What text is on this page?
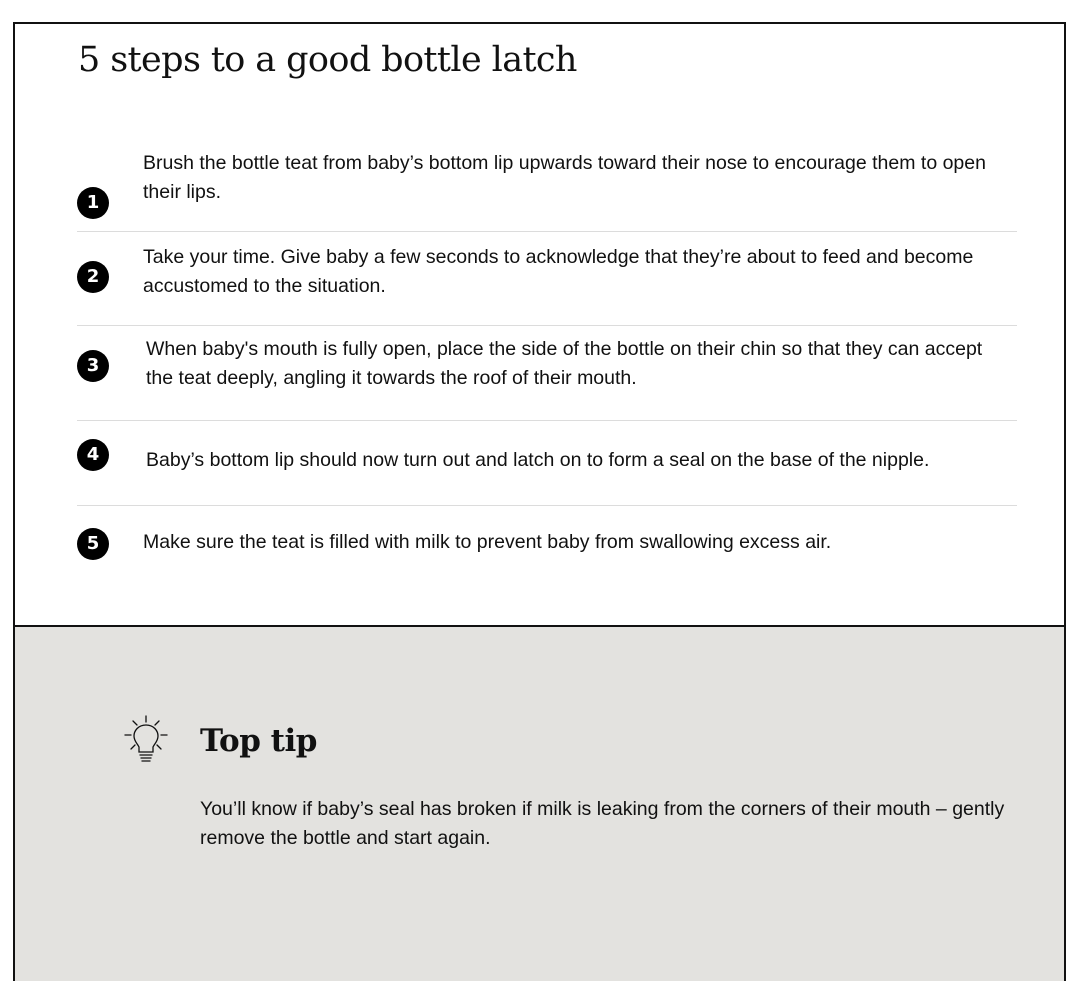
5 steps to a good bottle latch
1
Brush the bottle teat from baby’s bottom lip upwards toward their nose to encourage them to open their lips.
2
Take your time. Give baby a few seconds to acknowledge that they’re about to feed and become accustomed to the situation.
3
When baby's mouth is fully open, place the side of the bottle on their chin so that they can accept the teat deeply, angling it towards the roof of their mouth.
4	Baby’s bottom lip should now turn out and latch on to form a seal on the base of the nipple.
5	Make sure the teat is filled with milk to prevent baby from swallowing excess air.
Top tip
You’ll know if baby’s seal has broken if milk is leaking from the corners of their mouth – gently remove the bottle and start again.
